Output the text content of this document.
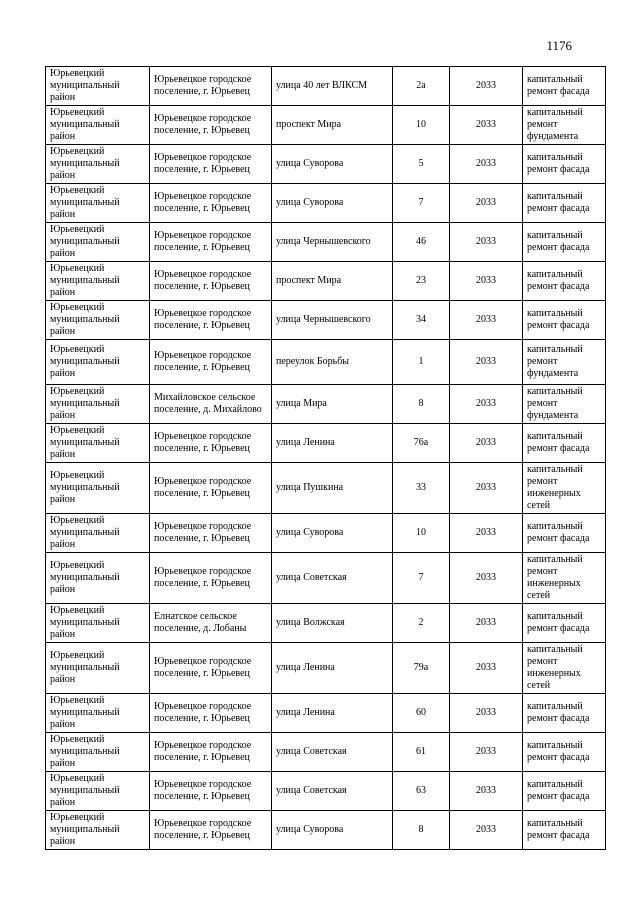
1176
Юрьевецкий муниципальный район	Юрьевецкое городское поселение, г. Юрьевец	улица 40 лет ВЛКСМ	2а	2033	капитальный ремонт фасада
Юрьевецкий муниципальный район	Юрьевецкое городское поселение, г. Юрьевец	проспект Мира	10	2033	капитальный ремонт фундамента
Юрьевецкий муниципальный район	Юрьевецкое городское поселение, г. Юрьевец	улица Суворова	5	2033	капитальный ремонт фасада
Юрьевецкий муниципальный район	Юрьевецкое городское поселение, г. Юрьевец	улица Суворова	7	2033	капитальный ремонт фасада
Юрьевецкий муниципальный район	Юрьевецкое городское поселение, г. Юрьевец	улица Чернышевского	46	2033	капитальный ремонт фасада
Юрьевецкий муниципальный район	Юрьевецкое городское поселение, г. Юрьевец	проспект Мира	23	2033	капитальный ремонт фасада
Юрьевецкий муниципальный район	Юрьевецкое городское поселение, г. Юрьевец	улица Чернышевского	34	2033	капитальный ремонт фасада
Юрьевецкий муниципальный район	Юрьевецкое городское поселение, г. Юрьевец	переулок Борьбы	1	2033	капитальный ремонт фундамента
Юрьевецкий муниципальный район	Михайловское сельское поселение, д. Михайлово	улица Мира	8	2033	капитальный ремонт фундамента
Юрьевецкий муниципальный район	Юрьевецкое городское поселение, г. Юрьевец	улица Ленина	76а	2033	капитальный ремонт фасада
Юрьевецкий муниципальный район	Юрьевецкое городское поселение, г. Юрьевец	улица Пушкина	33	2033	капитальный ремонт инженерных сетей
Юрьевецкий муниципальный район	Юрьевецкое городское поселение, г. Юрьевец	улица Суворова	10	2033	капитальный ремонт фасада
Юрьевецкий муниципальный район	Юрьевецкое городское поселение, г. Юрьевец	улица Советская	7	2033	капитальный ремонт инженерных сетей
Юрьевецкий муниципальный район	Елнатское сельское поселение, д. Лобаны	улица Волжская	2	2033	капитальный ремонт фасада
Юрьевецкий муниципальный район	Юрьевецкое городское поселение, г. Юрьевец	улица Ленина	79а	2033	капитальный ремонт инженерных сетей
Юрьевецкий муниципальный район	Юрьевецкое городское поселение, г. Юрьевец	улица Ленина	60	2033	капитальный ремонт фасада
Юрьевецкий муниципальный район	Юрьевецкое городское поселение, г. Юрьевец	улица Советская	61	2033	капитальный ремонт фасада
Юрьевецкий муниципальный район	Юрьевецкое городское поселение, г. Юрьевец	улица Советская	63	2033	капитальный ремонт фасада
Юрьевецкий муниципальный район	Юрьевецкое городское поселение, г. Юрьевец	улица Суворова	8	2033	капитальный ремонт фасада
